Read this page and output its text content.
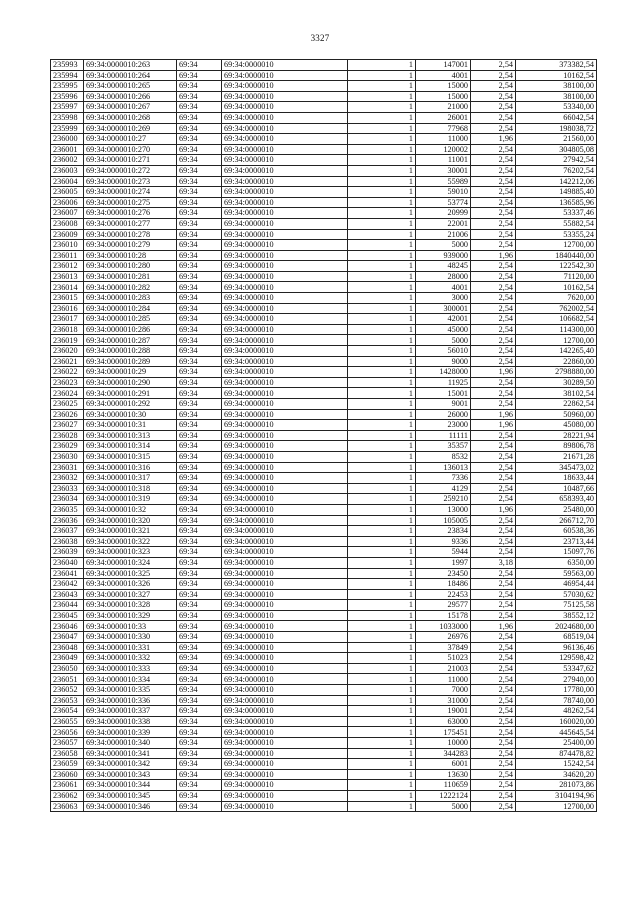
3327
235993	69:34:0000010:263	69:34	69:34:0000010	1	147001	2,54	373382,54
235994	69:34:0000010:264	69:34	69:34:0000010	1	4001	2,54	10162,54
235995	69:34:0000010:265	69:34	69:34:0000010	1	15000	2,54	38100,00
235996	69:34:0000010:266	69:34	69:34:0000010	1	15000	2,54	38100,00
235997	69:34:0000010:267	69:34	69:34:0000010	1	21000	2,54	53340,00
235998	69:34:0000010:268	69:34	69:34:0000010	1	26001	2,54	66042,54
235999	69:34:0000010:269	69:34	69:34:0000010	1	77968	2,54	198038,72
236000	69:34:0000010:27	69:34	69:34:0000010	1	11000	1,96	21560,00
236001	69:34:0000010:270	69:34	69:34:0000010	1	120002	2,54	304805,08
236002	69:34:0000010:271	69:34	69:34:0000010	1	11001	2,54	27942,54
236003	69:34:0000010:272	69:34	69:34:0000010	1	30001	2,54	76202,54
236004	69:34:0000010:273	69:34	69:34:0000010	1	55989	2,54	142212,06
236005	69:34:0000010:274	69:34	69:34:0000010	1	59010	2,54	149885,40
236006	69:34:0000010:275	69:34	69:34:0000010	1	53774	2,54	136585,96
236007	69:34:0000010:276	69:34	69:34:0000010	1	20999	2,54	53337,46
236008	69:34:0000010:277	69:34	69:34:0000010	1	22001	2,54	55882,54
236009	69:34:0000010:278	69:34	69:34:0000010	1	21006	2,54	53355,24
236010	69:34:0000010:279	69:34	69:34:0000010	1	5000	2,54	12700,00
236011	69:34:0000010:28	69:34	69:34:0000010	1	939000	1,96	1840440,00
236012	69:34:0000010:280	69:34	69:34:0000010	1	48245	2,54	122542,30
236013	69:34:0000010:281	69:34	69:34:0000010	1	28000	2,54	71120,00
236014	69:34:0000010:282	69:34	69:34:0000010	1	4001	2,54	10162,54
236015	69:34:0000010:283	69:34	69:34:0000010	1	3000	2,54	7620,00
236016	69:34:0000010:284	69:34	69:34:0000010	1	300001	2,54	762002,54
236017	69:34:0000010:285	69:34	69:34:0000010	1	42001	2,54	106682,54
236018	69:34:0000010:286	69:34	69:34:0000010	1	45000	2,54	114300,00
236019	69:34:0000010:287	69:34	69:34:0000010	1	5000	2,54	12700,00
236020	69:34:0000010:288	69:34	69:34:0000010	1	56010	2,54	142265,40
236021	69:34:0000010:289	69:34	69:34:0000010	1	9000	2,54	22860,00
236022	69:34:0000010:29	69:34	69:34:0000010	1	1428000	1,96	2798880,00
236023	69:34:0000010:290	69:34	69:34:0000010	1	11925	2,54	30289,50
236024	69:34:0000010:291	69:34	69:34:0000010	1	15001	2,54	38102,54
236025	69:34:0000010:292	69:34	69:34:0000010	1	9001	2,54	22862,54
236026	69:34:0000010:30	69:34	69:34:0000010	1	26000	1,96	50960,00
236027	69:34:0000010:31	69:34	69:34:0000010	1	23000	1,96	45080,00
236028	69:34:0000010:313	69:34	69:34:0000010	1	11111	2,54	28221,94
236029	69:34:0000010:314	69:34	69:34:0000010	1	35357	2,54	89806,78
236030	69:34:0000010:315	69:34	69:34:0000010	1	8532	2,54	21671,28
236031	69:34:0000010:316	69:34	69:34:0000010	1	136013	2,54	345473,02
236032	69:34:0000010:317	69:34	69:34:0000010	1	7336	2,54	18633,44
236033	69:34:0000010:318	69:34	69:34:0000010	1	4129	2,54	10487,66
236034	69:34:0000010:319	69:34	69:34:0000010	1	259210	2,54	658393,40
236035	69:34:0000010:32	69:34	69:34:0000010	1	13000	1,96	25480,00
236036	69:34:0000010:320	69:34	69:34:0000010	1	105005	2,54	266712,70
236037	69:34:0000010:321	69:34	69:34:0000010	1	23834	2,54	60538,36
236038	69:34:0000010:322	69:34	69:34:0000010	1	9336	2,54	23713,44
236039	69:34:0000010:323	69:34	69:34:0000010	1	5944	2,54	15097,76
236040	69:34:0000010:324	69:34	69:34:0000010	1	1997	3,18	6350,00
236041	69:34:0000010:325	69:34	69:34:0000010	1	23450	2,54	59563,00
236042	69:34:0000010:326	69:34	69:34:0000010	1	18486	2,54	46954,44
236043	69:34:0000010:327	69:34	69:34:0000010	1	22453	2,54	57030,62
236044	69:34:0000010:328	69:34	69:34:0000010	1	29577	2,54	75125,58
236045	69:34:0000010:329	69:34	69:34:0000010	1	15178	2,54	38552,12
236046	69:34:0000010:33	69:34	69:34:0000010	1	1033000	1,96	2024680,00
236047	69:34:0000010:330	69:34	69:34:0000010	1	26976	2,54	68519,04
236048	69:34:0000010:331	69:34	69:34:0000010	1	37849	2,54	96136,46
236049	69:34:0000010:332	69:34	69:34:0000010	1	51023	2,54	129598,42
236050	69:34:0000010:333	69:34	69:34:0000010	1	21003	2,54	53347,62
236051	69:34:0000010:334	69:34	69:34:0000010	1	11000	2,54	27940,00
236052	69:34:0000010:335	69:34	69:34:0000010	1	7000	2,54	17780,00
236053	69:34:0000010:336	69:34	69:34:0000010	1	31000	2,54	78740,00
236054	69:34:0000010:337	69:34	69:34:0000010	1	19001	2,54	48262,54
236055	69:34:0000010:338	69:34	69:34:0000010	1	63000	2,54	160020,00
236056	69:34:0000010:339	69:34	69:34:0000010	1	175451	2,54	445645,54
236057	69:34:0000010:340	69:34	69:34:0000010	1	10000	2,54	25400,00
236058	69:34:0000010:341	69:34	69:34:0000010	1	344283	2,54	874478,82
236059	69:34:0000010:342	69:34	69:34:0000010	1	6001	2,54	15242,54
236060	69:34:0000010:343	69:34	69:34:0000010	1	13630	2,54	34620,20
236061	69:34:0000010:344	69:34	69:34:0000010	1	110659	2,54	281073,86
236062	69:34:0000010:345	69:34	69:34:0000010	1	1222124	2,54	3104194,96
236063	69:34:0000010:346	69:34	69:34:0000010	1	5000	2,54	12700,00
